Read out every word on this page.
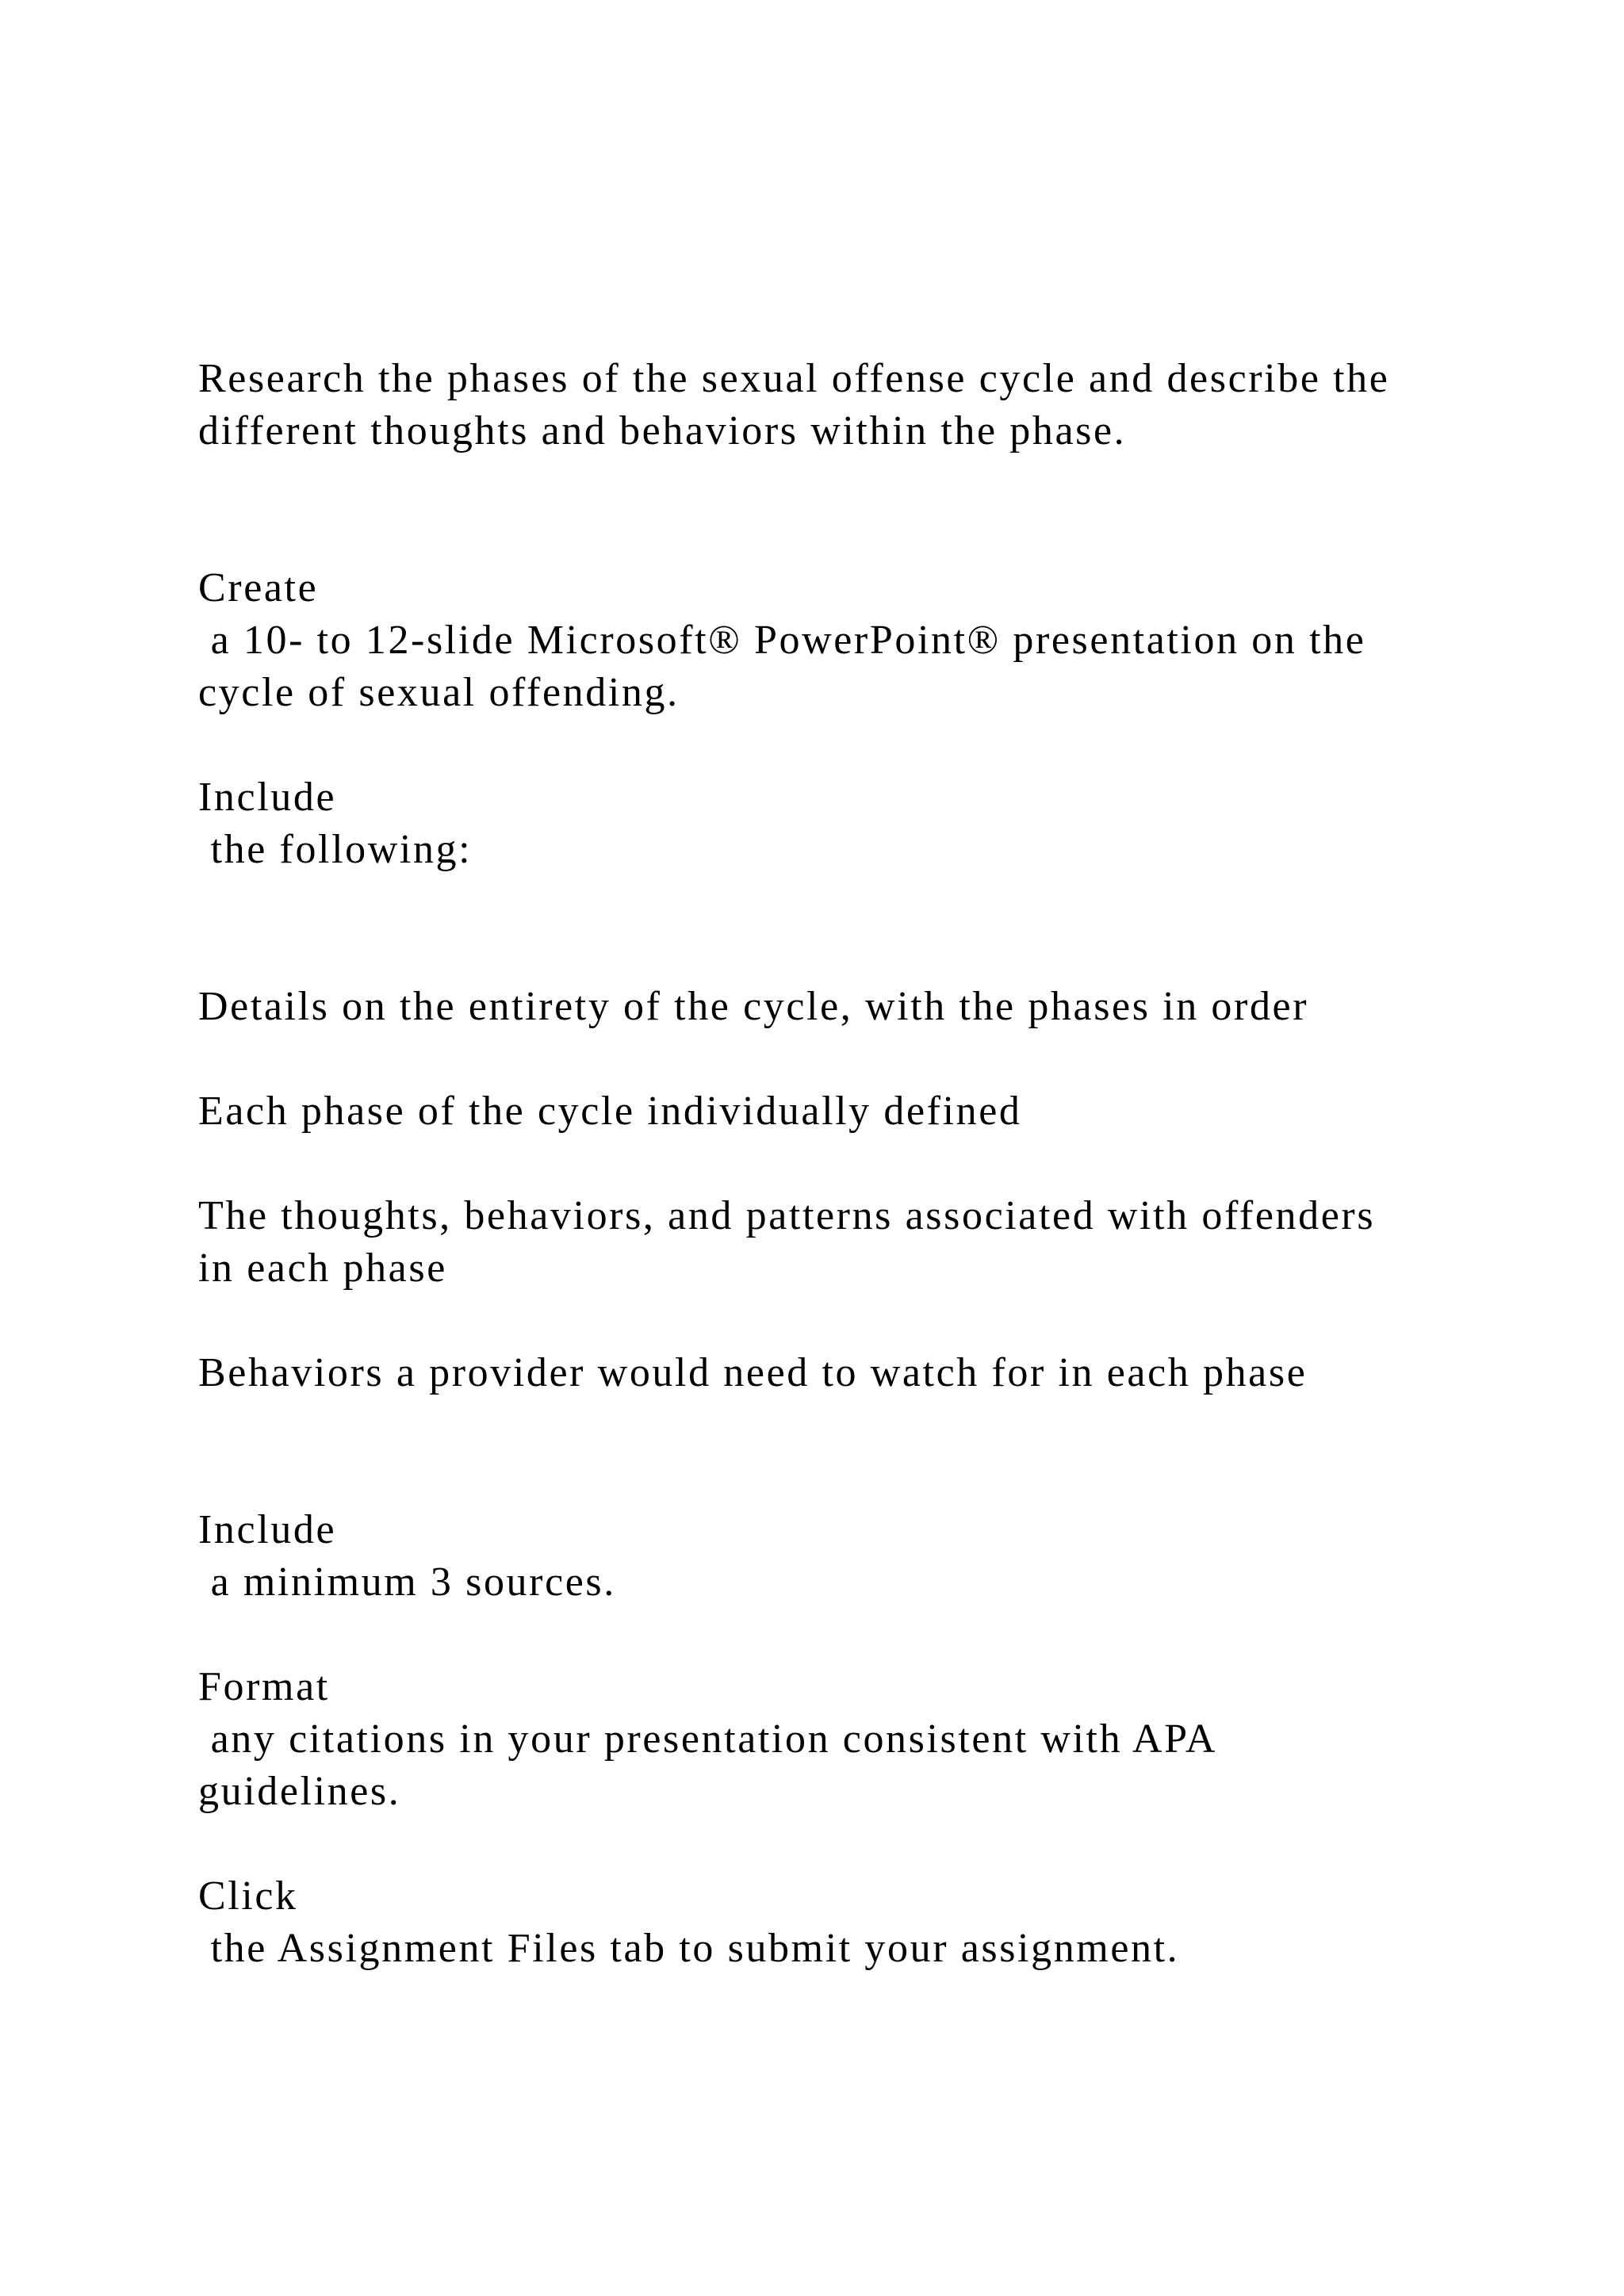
Research the phases of the sexual offense cycle and describe the

different thoughts and behaviors within the phase.

Create

a 10- to 12-slide Microsoft® PowerPoint® presentation on the

cycle of sexual offending.

Include

the following:

Details on the entirety of the cycle, with the phases in order

Each phase of the cycle individually defined

The thoughts, behaviors, and patterns associated with offenders

in each phase

Behaviors a provider would need to watch for in each phase

Include

a minimum 3 sources.

Format

any citations in your presentation consistent with APA

guidelines.

Click

the Assignment Files tab to submit your assignment.
